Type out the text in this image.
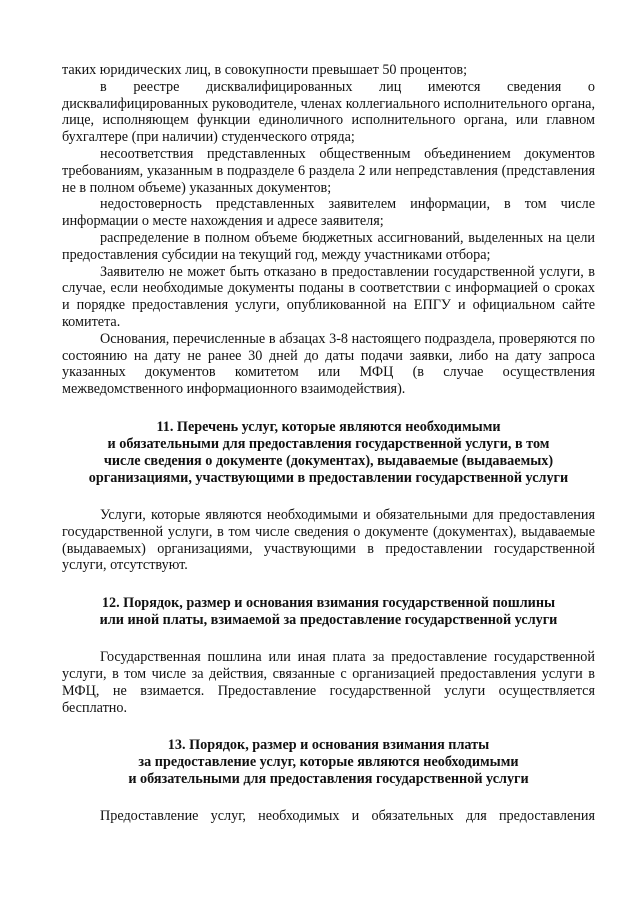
таких юридических лиц, в совокупности превышает 50 процентов;

в реестре дисквалифицированных лиц имеются сведения о дисквалифицированных руководителе, членах коллегиального исполнительного органа, лице, исполняющем функции единоличного исполнительного органа, или главном бухгалтере (при наличии) студенческого отряда;

несоответствия представленных общественным объединением документов требованиям, указанным в подразделе 6 раздела 2 или непредставления (представления не в полном объеме) указанных документов;

недостоверность представленных заявителем информации, в том числе информации о месте нахождения и адресе заявителя;

распределение в полном объеме бюджетных ассигнований, выделенных на цели предоставления субсидии на текущий год, между участниками отбора;

Заявителю не может быть отказано в предоставлении государственной услуги, в случае, если необходимые документы поданы в соответствии с информацией о сроках и порядке предоставления услуги, опубликованной на ЕПГУ и официальном сайте комитета.

Основания, перечисленные в абзацах 3-8 настоящего подраздела, проверяются по состоянию на дату не ранее 30 дней до даты подачи заявки, либо на дату запроса указанных документов комитетом или МФЦ (в случае осуществления межведомственного информационного взаимодействия).

11. Перечень услуг, которые являются необходимыми
и обязательными для предоставления государственной услуги, в том
числе сведения о документе (документах), выдаваемые (выдаваемых)
организациями, участвующими в предоставлении государственной услуги

Услуги, которые являются необходимыми и обязательными для предоставления государственной услуги, в том числе сведения о документе (документах), выдаваемые (выдаваемых) организациями, участвующими в предоставлении государственной услуги, отсутствуют.

12. Порядок, размер и основания взимания государственной пошлины
или иной платы, взимаемой за предоставление государственной услуги

Государственная пошлина или иная плата за предоставление государственной услуги, в том числе за действия, связанные с организацией предоставления услуги в МФЦ, не взимается. Предоставление государственной услуги осуществляется бесплатно.

13. Порядок, размер и основания взимания платы
за предоставление услуг, которые являются необходимыми
и обязательными для предоставления государственной услуги

Предоставление услуг, необходимых и обязательных для предоставления
